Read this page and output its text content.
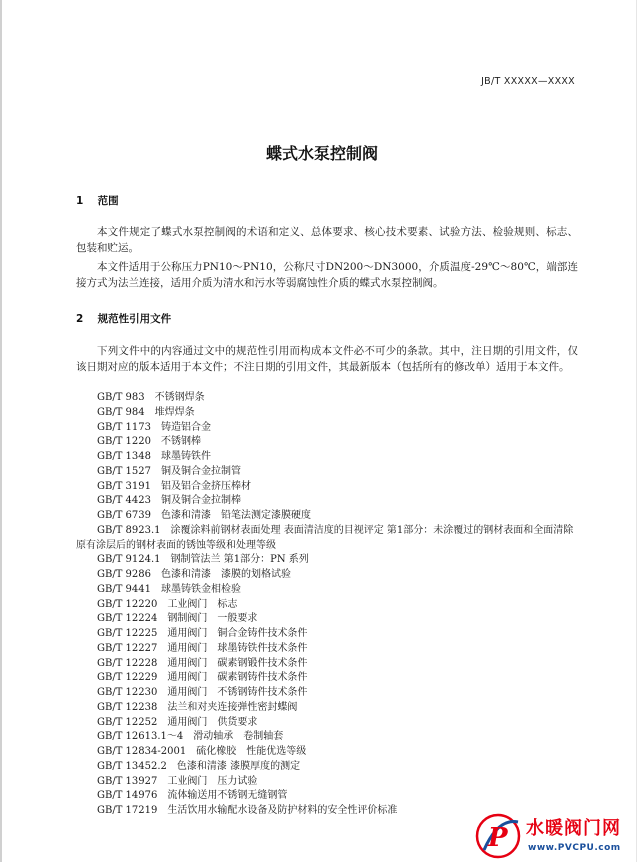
JB/T XXXXX—XXXX
蝶式水泵控制阀
1 范围
本文件规定了蝶式水泵控制阀的术语和定义、总体要求、核心技术要素、试验方法、检验规则、标志、包装和贮运。
本文件适用于公称压力PN10～PN10，公称尺寸DN200～DN3000，介质温度-29℃～80℃，端部连接方式为法兰连接，适用介质为清水和污水等弱腐蚀性介质的蝶式水泵控制阀。
2 规范性引用文件
下列文件中的内容通过文中的规范性引用而构成本文件必不可少的条款。其中，注日期的引用文件，仅该日期对应的版本适用于本文件；不注日期的引用文件，其最新版本（包括所有的修改单）适用于本文件。
GB/T 983　不锈钢焊条
GB/T 984　堆焊焊条
GB/T 1173　铸造铝合金
GB/T 1220　不锈钢棒
GB/T 1348　球墨铸铁件
GB/T 1527　铜及铜合金拉制管
GB/T 3191　铝及铝合金挤压棒材
GB/T 4423　铜及铜合金拉制棒
GB/T 6739　色漆和清漆　铅笔法测定漆膜硬度
GB/T 8923.1　涂覆涂料前钢材表面处理 表面清洁度的目视评定 第1部分：未涂覆过的钢材表面和全面清除原有涂层后的钢材表面的锈蚀等级和处理等级
GB/T 9124.1　钢制管法兰 第1部分：PN 系列
GB/T 9286　色漆和清漆　漆膜的划格试验
GB/T 9441　球墨铸铁金相检验
GB/T 12220　工业阀门　标志
GB/T 12224　钢制阀门　一般要求
GB/T 12225　通用阀门　铜合金铸件技术条件
GB/T 12227　通用阀门　球墨铸铁件技术条件
GB/T 12228　通用阀门　碳素钢锻件技术条件
GB/T 12229　通用阀门　碳素钢铸件技术条件
GB/T 12230　通用阀门　不锈钢铸件技术条件
GB/T 12238　法兰和对夹连接弹性密封蝶阀
GB/T 12252　通用阀门　供货要求
GB/T 12613.1～4　滑动轴承　卷制轴套
GB/T 12834-2001　硫化橡胶　性能优选等级
GB/T 13452.2　色漆和清漆 漆膜厚度的测定
GB/T 13927　工业阀门　压力试验
GB/T 14976　流体输送用不锈钢无缝钢管
GB/T 17219　生活饮用水输配水设备及防护材料的安全性评价标准
P 水暖阀门网
www.PVCPU.com
